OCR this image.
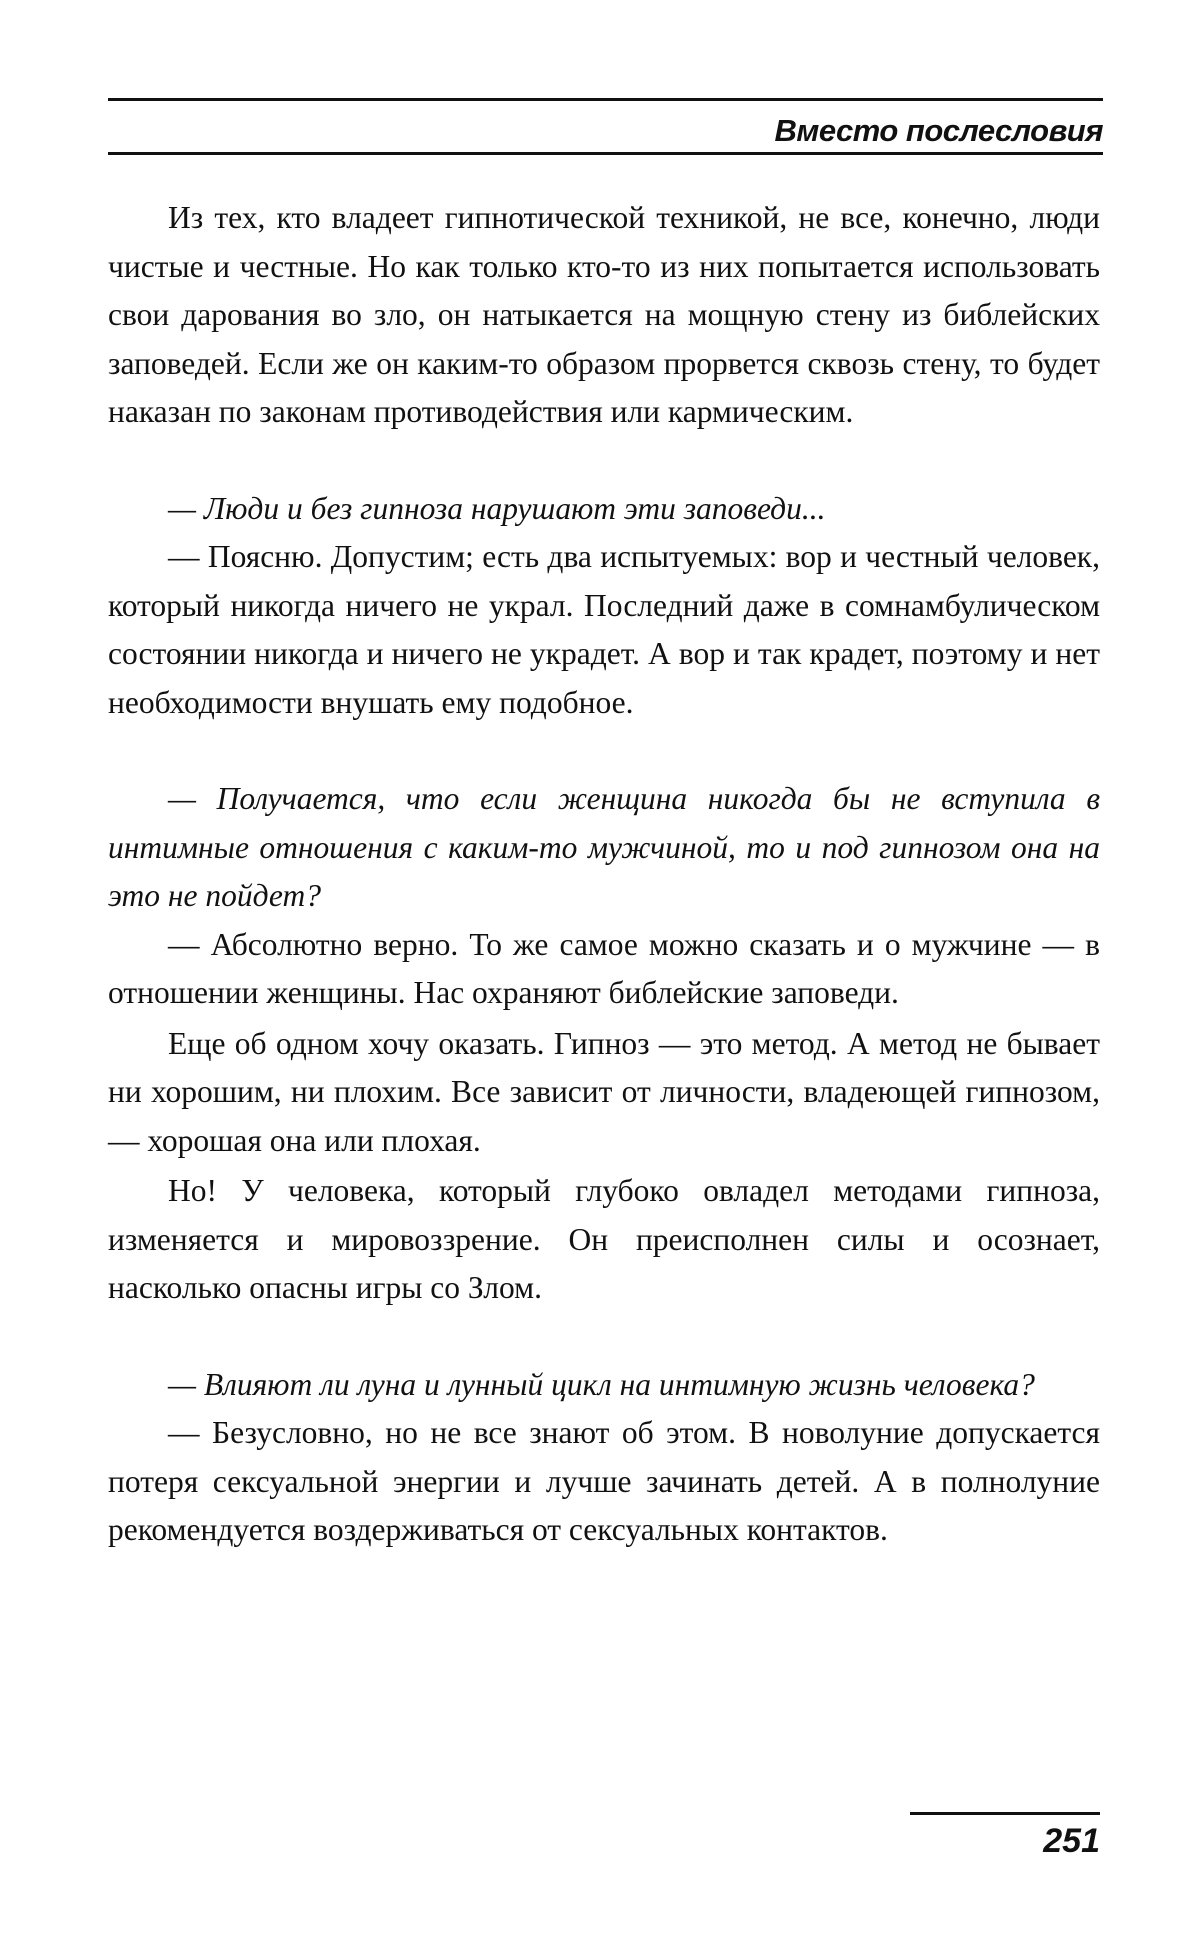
Вместо послесловия

Из тех, кто владеет гипнотической техникой, не все, конечно, люди чистые и честные. Но как только кто-то из них попытается использовать свои дарования во зло, он натыкается на мощную стену из библейских заповедей. Если же он каким-то образом прорвется сквозь стену, то будет наказан по законам противодействия или кармическим.

— Люди и без гипноза нарушают эти заповеди...

— Поясню. Допустим; есть два испытуемых: вор и честный человек, который никогда ничего не украл. Последний даже в сомнамбулическом состоянии никогда и ничего не украдет. А вор и так крадет, поэтому и нет необходимости внушать ему подобное.

— Получается, что если женщина никогда бы не вступила в интимные отношения с каким-то мужчиной, то и под гипнозом она на это не пойдет?

— Абсолютно верно. То же самое можно сказать и о мужчине — в отношении женщины. Нас охраняют библейские заповеди.

Еще об одном хочу оказать. Гипноз — это метод. А метод не бывает ни хорошим, ни плохим. Все зависит от личности, владеющей гипнозом, — хорошая она или плохая.

Но! У человека, который глубоко овладел методами гипноза, изменяется и мировоззрение. Он преисполнен силы и осознает, насколько опасны игры со Злом.

— Влияют ли луна и лунный цикл на интимную жизнь человека?

— Безусловно, но не все знают об этом. В новолуние допускается потеря сексуальной энергии и лучше зачинать детей. А в полнолуние рекомендуется воздерживаться от сексуальных контактов.

251
